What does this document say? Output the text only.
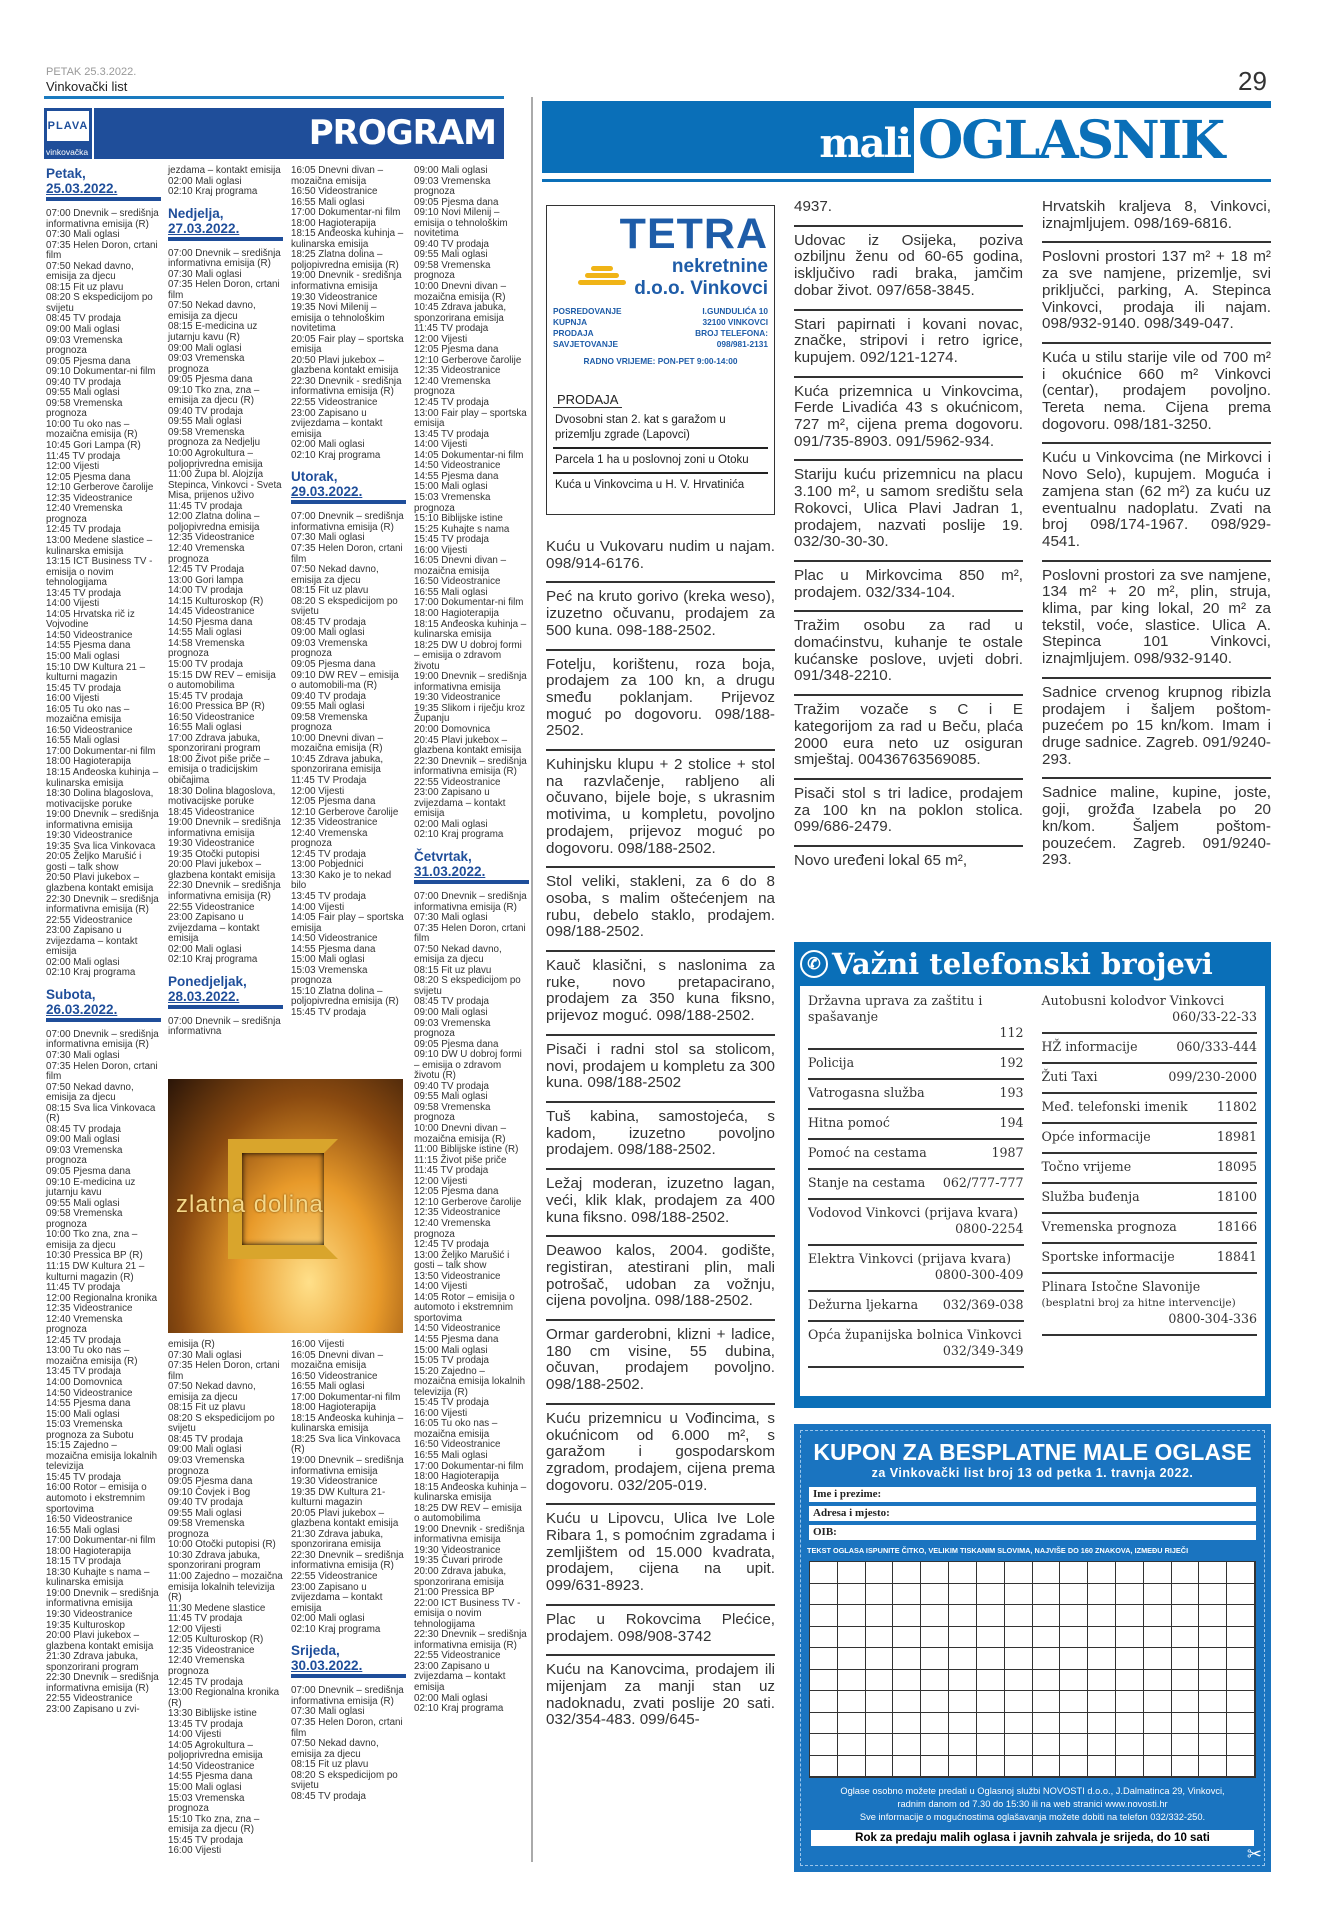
PETAK 25.3.2022.
Vinkovački list
PLAVA
vinkovačka	PROGRAM
Petak,

25.03.2022.
07:00 Dnevnik – središnja informativna emisija (R)
07:30 Mali oglasi
07:35 Helen Doron, crtani film
07:50 Nekad davno, emisija za djecu
08:15 Fit uz plavu
08:20 S ekspedicijom po svijetu
08:45 TV prodaja
09:00 Mali oglasi
09:03 Vremenska prognoza
09:05 Pjesma dana
09:10 Dokumentar-ni film
09:40 TV prodaja
09:55 Mali oglasi
09:58 Vremenska prognoza
10:00 Tu oko nas – mozaična emisija (R)
10:45 Gori Lampa (R)
11:45 TV prodaja
12:00 Vijesti
12:05 Pjesma dana
12:10 Gerberove čarolije
12:35 Videostranice
12:40 Vremenska prognoza
12:45 TV prodaja
13:00 Medene slastice – kulinarska emisija
13:15 ICT Business TV - emisija o novim tehnologijama
13:45 TV prodaja
14:00 Vijesti
14:05 Hrvatska rič iz Vojvodine
14:50 Videostranice
14:55 Pjesma dana
15:00 Mali oglasi
15:10 DW Kultura 21 – kulturni magazin
15:45 TV prodaja
16:00 Vijesti
16:05 Tu oko nas – mozaična emisija
16:50 Videostranice
16:55 Mali oglasi
17:00 Dokumentar-ni film
18:00 Hagioterapija
18:15 Anđeoska kuhinja – kulinarska emisija
18:30 Dolina blagoslova, motivacijske poruke
19:00 Dnevnik – središnja informativna emisija
19:30 Videostranice
19:35 Sva lica Vinkovaca
20:05 Željko Marušić i gosti – talk show
20:50 Plavi jukebox – glazbena kontakt emisija
22:30 Dnevnik – središnja informativna emisija (R)
22:55 Videostranice
23:00 Zapisano u zvijezdama – kontakt emisija
02:00 Mali oglasi
02:10 Kraj programa
Subota,

26.03.2022.
07:00 Dnevnik – središnja informativna emisija (R)
07:30 Mali oglasi
07:35 Helen Doron, crtani film
07:50 Nekad davno, emisija za djecu
08:15 Sva lica Vinkovaca (R)
08:45 TV prodaja
09:00 Mali oglasi
09:03 Vremenska prognoza
09:05 Pjesma dana
09:10 E-medicina uz jutarnju kavu
09:55 Mali oglasi
09:58 Vremenska prognoza
10:00 Tko zna, zna – emisija za djecu
10:30 Pressica BP (R)
11:15 DW Kultura 21 – kulturni magazin (R)
11:45 TV prodaja
12:00 Regionalna kronika
12:35 Videostranice
12:40 Vremenska prognoza
12:45 TV prodaja
13:00 Tu oko nas – mozaična emisija (R)
13:45 TV prodaja
14:00 Domovnica
14:50 Videostranice
14:55 Pjesma dana
15:00 Mali oglasi
15:03 Vremenska prognoza za Subotu
15:15 Zajedno – mozaična emisija lokalnih televizija
15:45 TV prodaja
16:00 Rotor – emisija o automoto i ekstremnim sportovima
16:50 Videostranice
16:55 Mali oglasi
17:00 Dokumentar-ni film
18:00 Hagioterapija
18:15 TV prodaja
18:30 Kuhajte s nama – kulinarska emisija
19:00 Dnevnik – središnja informativna emisija
19:30 Videostranice
19:35 Kulturoskop
20:00 Plavi jukebox – glazbena kontakt emisija
21:30 Zdrava jabuka, sponzorirani program
22:30 Dnevnik – središnja informativna emisija (R)
22:55 Videostranice
23:00 Zapisano u zvi-
jezdama – kontakt emisija
02:00 Mali oglasi
02:10 Kraj programa
Nedjelja,

27.03.2022.
07:00 Dnevnik – središnja informativna emisija (R)
07:30 Mali oglasi
07:35 Helen Doron, crtani film
07:50 Nekad davno, emisija za djecu
08:15 E-medicina uz jutarnju kavu (R)
09:00 Mali oglasi
09:03 Vremenska prognoza
09:05 Pjesma dana
09:10 Tko zna, zna – emisija za djecu (R)
09:40 TV prodaja
09:55 Mali oglasi
09:58 Vremenska prognoza za Nedjelju
10:00 Agrokultura – poljoprivredna emisija
11:00 Župa bl. Alojzija Stepinca, Vinkovci - Sveta Misa, prijenos uživo
11:45 TV prodaja
12:00 Zlatna dolina – poljopivredna emisija
12:35 Videostranice
12:40 Vremenska prognoza
12:45 TV Prodaja
13:00 Gori lampa
14:00 TV prodaja
14:15 Kulturoskop (R)
14:45 Videostranice
14:50 Pjesma dana
14:55 Mali oglasi
14:58 Vremenska prognoza
15:00 TV prodaja
15:15 DW REV – emisija o automobilima
15:45 TV prodaja
16:00 Pressica BP (R)
16:50 Videostranice
16:55 Mali oglasi
17:00 Zdrava jabuka, sponzorirani program
18:00 Život piše priče – emisija o tradicijskim običajima
18:30 Dolina blagoslova, motivacijske poruke
18:45 Videostranice
19:00 Dnevnik – središnja informativna emisija
19:30 Videostranice
19:35 Otočki putopisi
20:00 Plavi jukebox – glazbena kontakt emisija
22:30 Dnevnik – središnja informativna emisija (R)
22:55 Videostranice
23:00 Zapisano u zvijezdama – kontakt emisija
02:00 Mali oglasi
02:10 Kraj programa
Ponedjeljak,

28.03.2022.
07:00 Dnevnik – središnja informativna
emisija (R)
07:30 Mali oglasi
07:35 Helen Doron, crtani film
07:50 Nekad davno, emisija za djecu
08:15 Fit uz plavu
08:20 S ekspedicijom po svijetu
08:45 TV prodaja
09:00 Mali oglasi
09:03 Vremenska prognoza
09:05 Pjesma dana
09:10 Čovjek i Bog
09:40 TV prodaja
09:55 Mali oglasi
09:58 Vremenska prognoza
10:00 Otočki putopisi (R)
10:30 Zdrava jabuka, sponzorirani program
11:00 Zajedno – mozaična emisija lokalnih televizija (R)
11:30 Medene slastice
11:45 TV prodaja
12:00 Vijesti
12:05 Kulturoskop (R)
12:35 Videostranice
12:40 Vremenska prognoza
12:45 TV prodaja
13:00 Regionalna kronika (R)
13:30 Biblijske istine
13:45 TV prodaja
14:00 Vijesti
14:05 Agrokultura – poljoprivredna emisija
14:50 Videostranice
14:55 Pjesma dana
15:00 Mali oglasi
15:03 Vremenska prognoza
15:10 Tko zna, zna – emisija za djecu (R)
15:45 TV prodaja
16:00 Vijesti
16:05 Dnevni divan – mozaična emisija
16:50 Videostranice
16:55 Mali oglasi
17:00 Dokumentar-ni film
18:00 Hagioterapija
18:15 Anđeoska kuhinja – kulinarska emisija
18:25 Zlatna dolina – poljopivredna emisija (R)
19:00 Dnevnik - središnja informativna emisija
19:30 Videostranice
19:35 Novi Milenij – emisija o tehnološkim novitetima
20:05 Fair play – sportska emisija
20:50 Plavi jukebox – glazbena kontakt emisija
22:30 Dnevnik - središnja informativna emisija (R)
22:55 Videostranice
23:00 Zapisano u zvijezdama – kontakt emisija
02:00 Mali oglasi
02:10 Kraj programa
Utorak,

29.03.2022.
07:00 Dnevnik – središnja informativna emisija (R)
07:30 Mali oglasi
07:35 Helen Doron, crtani film
07:50 Nekad davno, emisija za djecu
08:15 Fit uz plavu
08:20 S ekspedicijom po svijetu
08:45 TV prodaja
09:00 Mali oglasi
09:03 Vremenska prognoza
09:05 Pjesma dana
09:10 DW REV – emisija o automobili-ma (R)
09:40 TV prodaja
09:55 Mali oglasi
09:58 Vremenska prognoza
10:00 Dnevni divan – mozaična emisija (R)
10:45 Zdrava jabuka, sponzorirana emisija
11:45 TV Prodaja
12:00 Vijesti
12:05 Pjesma dana
12:10 Gerberove čarolije
12:35 Videostranice
12:40 Vremenska prognoza
12:45 TV prodaja
13:00 Pobjednici
13:30 Kako je to nekad bilo
13:45 TV prodaja
14:00 Vijesti
14:05 Fair play – sportska emisija
14:50 Videostranice
14:55 Pjesma dana
15:00 Mali oglasi
15:03 Vremenska prognoza
15:10 Zlatna dolina – poljopivredna emisija (R)
15:45 TV prodaja
16:00 Vijesti
16:05 Dnevni divan – mozaična emisija
16:50 Videostranice
16:55 Mali oglasi
17:00 Dokumentar-ni film
18:00 Hagioterapija
18:15 Anđeoska kuhinja – kulinarska emisija
18:25 Sva lica Vinkovaca (R)
19:00 Dnevnik – središnja informativna emisija
19:30 Videostranice
19:35 DW Kultura 21- kulturni magazin
20:05 Plavi jukebox – glazbena kontakt emisija
21:30 Zdrava jabuka, sponzorirana emisija
22:30 Dnevnik – središnja informativna emisija (R)
22:55 Videostranice
23:00 Zapisano u zvijezdama – kontakt emisija
02:00 Mali oglasi
02:10 Kraj programa
Srijeda,

30.03.2022.
07:00 Dnevnik – središnja informativna emisija (R)
07:30 Mali oglasi
07:35 Helen Doron, crtani film
07:50 Nekad davno, emisija za djecu
08:15 Fit uz plavu
08:20 S ekspedicijom po svijetu
08:45 TV prodaja
09:00 Mali oglasi
09:03 Vremenska prognoza
09:05 Pjesma dana
09:10 Novi Milenij – emisija o tehnološkim novitetima
09:40 TV prodaja
09:55 Mali oglasi
09:58 Vremenska prognoza
10:00 Dnevni divan – mozaična emisija (R)
10:45 Zdrava jabuka, sponzorirana emisija
11:45 TV prodaja
12:00 Vijesti
12:05 Pjesma dana
12:10 Gerberove čarolije
12:35 Videostranice
12:40 Vremenska prognoza
12:45 TV prodaja
13:00 Fair play – sportska emisija
13:45 TV prodaja
14:00 Vijesti
14:05 Dokumentar-ni film
14:50 Videostranice
14:55 Pjesma dana
15:00 Mali oglasi
15:03 Vremenska prognoza
15:10 Biblijske istine
15:25 Kuhajte s nama
15:45 TV prodaja
16:00 Vijesti
16:05 Dnevni divan – mozaična emisija
16:50 Videostranice
16:55 Mali oglasi
17:00 Dokumentar-ni film
18:00 Hagioterapija
18:15 Anđeoska kuhinja – kulinarska emisija
18:25 DW U dobroj formi – emisija o zdravom životu
19:00 Dnevnik – središnja informativna emisija
19:30 Videostranice
19:35 Slikom i riječju kroz Županju
20:00 Domovnica
20:45 Plavi jukebox – glazbena kontakt emisija
22:30 Dnevnik – središnja informativna emisija (R)
22:55 Videostranice
23:00 Zapisano u zvijezdama – kontakt emisija
02:00 Mali oglasi
02:10 Kraj programa
Četvrtak,

31.03.2022.
07:00 Dnevnik – središnja informativna emisija (R)
07:30 Mali oglasi
07:35 Helen Doron, crtani film
07:50 Nekad davno, emisija za djecu
08:15 Fit uz plavu
08:20 S ekspedicijom po svijetu
08:45 TV prodaja
09:00 Mali oglasi
09:03 Vremenska prognoza
09:05 Pjesma dana
09:10 DW U dobroj formi – emisija o zdravom životu (R)
09:40 TV prodaja
09:55 Mali oglasi
09:58 Vremenska prognoza
10:00 Dnevni divan – mozaična emisija (R)
11:00 Biblijske istine (R)
11:15 Život piše priče
11:45 TV prodaja
12:00 Vijesti
12:05 Pjesma dana
12:10 Gerberove čarolije
12:35 Videostranice
12:40 Vremenska prognoza
12:45 TV prodaja
13:00 Željko Marušić i gosti – talk show
13:50 Videostranice
14:00 Vijesti
14:05 Rotor – emisija o automoto i ekstremnim sportovima
14:50 Videostranice
14:55 Pjesma dana
15:00 Mali oglasi
15:05 TV prodaja
15:20 Zajedno – mozaična emisija lokalnih televizija (R)
15:45 TV prodaja
16:00 Vijesti
16:05 Tu oko nas – mozaična emisija
16:50 Videostranice
16:55 Mali oglasi
17:00 Dokumentar-ni film
18:00 Hagioterapija
18:15 Anđeoska kuhinja – kulinarska emisija
18:25 DW REV – emisija o automobilima
19:00 Dnevnik - središnja informativna emisija
19:30 Videostranice
19:35 Čuvari prirode
20:00 Zdrava jabuka, sponzorirana emisija
21:00 Pressica BP
22:00 ICT Business TV - emisija o novim tehnologijama
22:30 Dnevnik – središnja informativna emisija (R)
22:55 Videostranice
23:00 Zapisano u zvijezdama – kontakt emisija
02:00 Mali oglasi
02:10 Kraj programa
zlatna dolina
29
mali OGLASNIK
TETRA
nekretnine
d.o.o. Vinkovci
POSREDOVANJE
KUPNJA
PRODAJA
SAVJETOVANJE
I.GUNDULIĆA 10
32100 VINKOVCI
BROJ TELEFONA:
098/981-2131
RADNO VRIJEME: PON-PET 9:00-14:00
PRODAJA
Dvosobni stan 2. kat s garažom u prizemlju zgrade (Lapovci)
Parcela 1 ha u poslovnoj zoni u Otoku
Kuća u Vinkovcima u H. V. Hrvatinića
Kuću u Vukovaru nudim u najam. 098/914-6176.
Peć na kruto gorivo (kreka weso), izuzetno očuvanu, prodajem za 500 kuna. 098-188-2502.
Fotelju, korištenu, roza boja, prodajem za 100 kn, a drugu smeđu poklanjam. Prijevoz moguć po dogovoru. 098/188-2502.
Kuhinjsku klupu + 2 stolice + stol na razvlačenje, rabljeno ali očuvano, bijele boje, s ukrasnim motivima, u kompletu, povoljno prodajem, prijevoz moguć po dogovoru. 098/188-2502.
Stol veliki, stakleni, za 6 do 8 osoba, s malim oštećenjem na rubu, debelo staklo, prodajem. 098/188-2502.
Kauč klasični, s naslonima za ruke, novo pretapacirano, prodajem za 350 kuna fiksno, prijevoz moguć. 098/188-2502.
Pisači i radni stol sa stolicom, novi, prodajem u kompletu za 300 kuna. 098/188-2502
Tuš kabina, samostojeća, s kadom, izuzetno povoljno prodajem. 098/188-2502.
Ležaj moderan, izuzetno lagan, veći, klik klak, prodajem za 400 kuna fiksno. 098/188-2502.
Deawoo kalos, 2004. godište, registiran, atestirani plin, mali potrošač, udoban za vožnju, cijena povoljna. 098/188-2502.
Ormar garderobni, klizni + ladice, 180 cm visine, 55 dubina, očuvan, prodajem povoljno. 098/188-2502.
Kuću prizemnicu u Vođincima, s okućnicom od 6.000 m², s garažom i gospodarskom zgradom, prodajem, cijena prema dogovoru. 032/205-019.
Kuću u Lipovcu, Ulica Ive Lole Ribara 1, s pomoćnim zgradama i zemljištem od 15.000 kvadrata, prodajem, cijena na upit. 099/631-8923.
Plac u Rokovcima Plećice, prodajem. 098/908-3742
Kuću na Kanovcima, prodajem ili mijenjam za manji stan uz nadoknadu, zvati poslije 20 sati. 032/354-483. 099/645-
4937.
Udovac iz Osijeka, poziva ozbiljnu ženu od 60-65 godina, isključivo radi braka, jamčim dobar život. 097/658-3845.
Stari papirnati i kovani novac, značke, stripovi i retro igrice, kupujem. 092/121-1274.
Kuća prizemnica u Vinkovcima, Ferde Livadića 43 s okućnicom, 727 m², cijena prema dogovoru. 091/735-8903. 091/5962-934.
Stariju kuću prizemnicu na placu 3.100 m², u samom središtu sela Rokovci, Ulica Plavi Jadran 1, prodajem, nazvati poslije 19. 032/30-30-30.
Plac u Mirkovcima 850 m², prodajem. 032/334-104.
Tražim osobu za rad u domaćinstvu, kuhanje te ostale kućanske poslove, uvjeti dobri. 091/348-2210.
Tražim vozače s C i E kategorijom za rad u Beču, plaća 2000 eura neto uz osiguran smještaj. 00436763569085.
Pisači stol s tri ladice, prodajem za 100 kn na poklon stolica. 099/686-2479.
Novo uređeni lokal 65 m²,
Hrvatskih kraljeva 8, Vinkovci, iznajmljujem. 098/169-6816.
Poslovni prostori 137 m² + 18 m² za sve namjene, prizemlje, svi priključci, parking, A. Stepinca Vinkovci, prodaja ili najam. 098/932-9140. 098/349-047.
Kuća u stilu starije vile od 700 m² i okućnice 660 m² Vinkovci (centar), prodajem povoljno. Tereta nema. Cijena prema dogovoru. 098/181-3250.
Kuću u Vinkovcima (ne Mirkovci i Novo Selo), kupujem. Moguća i zamjena stan (62 m²) za kuću uz eventualnu nadoplatu. Zvati na broj 098/174-1967. 098/929-4541.
Poslovni prostori za sve namjene, 134 m² + 20 m², plin, struja, klima, par king lokal, 20 m² za tekstil, voće, slastice. Ulica A. Stepinca 101 Vinkovci, iznajmljujem. 098/932-9140.
Sadnice crvenog krupnog ribizla prodajem i šaljem poštom-puzećem po 15 kn/kom. Imam i druge sadnice. Zagreb. 091/9240-293.
Sadnice maline, kupine, joste, goji, grožđa Izabela po 20 kn/kom. Šaljem poštom-pouzećem. Zagreb. 091/9240-293.
✆ Važni telefonski brojevi
Državna uprava za zaštitu i spašavanje
112
Policija	192
Vatrogasna služba	193
Hitna pomoć	194
Pomoć na cestama	1987
Stanje na cestama 062/777-777
Vodovod Vinkovci (prijava kvara)
0800-2254
Elektra Vinkovci (prijava kvara)
0800-300-409
Dežurna ljekarna 032/369-038
Opća županijska bolnica Vinkovci
032/349-349
Autobusni kolodvor Vinkovci
060/33-22-33
HŽ informacije	060/333-444
Žuti Taxi	099/230-2000
Međ. telefonski imenik 11802
Opće informacije	18981
Točno vrijeme	18095
Služba buđenja	18100
Vremenska prognoza	18166
Sportske informacije	18841
Plinara Istočne Slavonije
(besplatni broj za hitne intervencije)
0800-304-336
KUPON ZA BESPLATNE MALE OGLASE
za Vinkovački list broj 13 od petka 1. travnja 2022.
Ime i prezime:
Adresa i mjesto:
OIB:
TEKST OGLASA ISPUNITE ČITKO, VELIKIM TISKANIM SLOVIMA, NAJVIŠE DO 160 ZNAKOVA, IZMEĐU RIJEČI
Oglase osobno možete predati u Oglasnoj službi NOVOSTI d.o.o., J.Dalmatinca 29, Vinkovci,
radnim danom od 7.30 do 15:30 ili na web stranici www.novosti.hr
Sve informacije o mogućnostima oglašavanja možete dobiti na telefon 032/332-250.
Rok za predaju malih oglasa i javnih zahvala je srijeda, do 10 sati
✂
